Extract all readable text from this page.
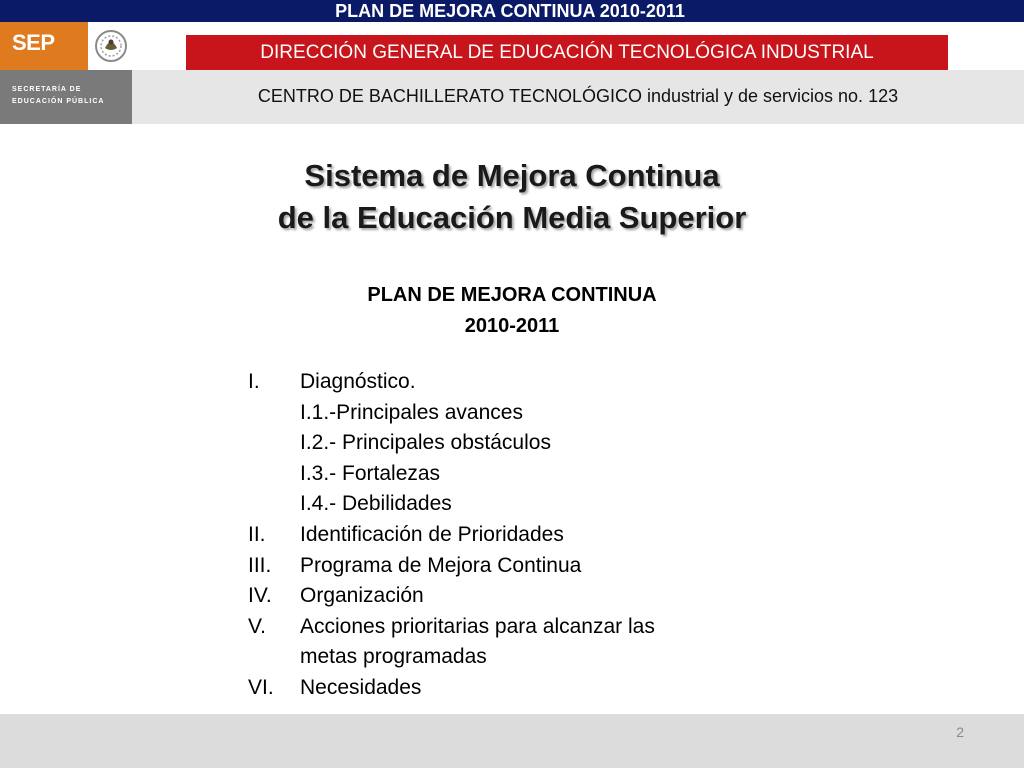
PLAN DE MEJORA CONTINUA 2010-2011
SEP
SECRETARÍA DE
EDUCACIÓN PÚBLICA
DIRECCIÓN GENERAL DE EDUCACIÓN TECNOLÓGICA INDUSTRIAL
CENTRO DE BACHILLERATO TECNOLÓGICO industrial y de servicios no. 123
Sistema de Mejora Continua
de la Educación Media Superior
PLAN DE MEJORA CONTINUA
2010-2011
I. Diagnóstico.
I.1.-Principales avances
I.2.- Principales obstáculos
I.3.- Fortalezas
I.4.- Debilidades
II. Identificación de Prioridades
III. Programa de Mejora Continua
IV. Organización
V. Acciones prioritarias para alcanzar las
metas programadas
VI. Necesidades
2
